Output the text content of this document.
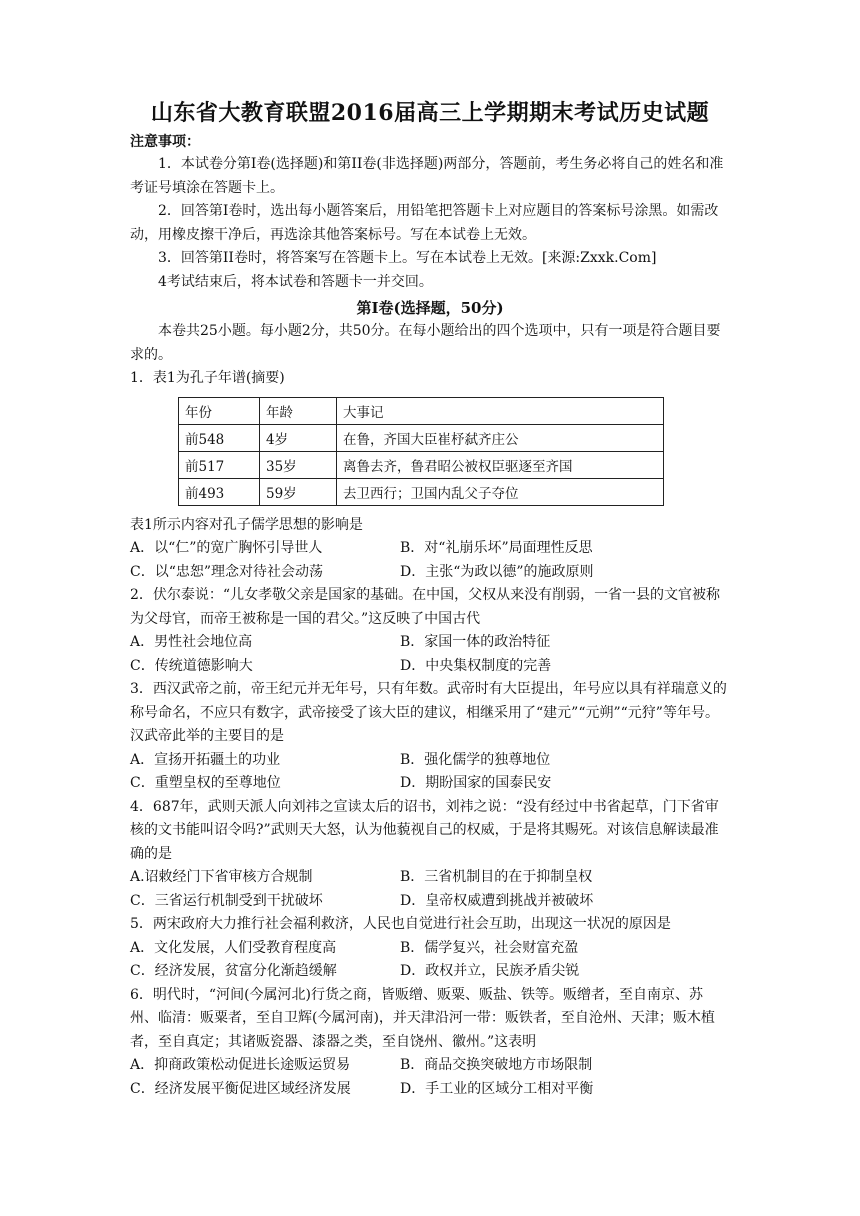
山东省大教育联盟2016届高三上学期期末考试历史试题
注意事项：

1．本试卷分第I卷(选择题)和第II卷(非选择题)两部分，答题前，考生务必将自己的姓名和准考证号填涂在答题卡上。

2．回答第I卷时，选出每小题答案后，用铅笔把答题卡上对应题目的答案标号涂黑。如需改动，用橡皮擦干净后，再选涂其他答案标号。写在本试卷上无效。

3．回答第II卷时，将答案写在答题卡上。写在本试卷上无效。[来源:Zxxk.Com]

4考试结束后，将本试卷和答题卡一并交回。

第Ⅰ卷(选择题，50分)

本卷共25小题。每小题2分，共50分。在每小题给出的四个选项中，只有一项是符合题目要求的。

1．表1为孔子年谱(摘要)

年份	年龄	大事记
前548	4岁	在鲁，齐国大臣崔杼弑齐庄公
前517	35岁	离鲁去齐，鲁君昭公被权臣驱逐至齐国
前493	59岁	去卫西行；卫国内乱父子夺位

表1所示内容对孔子儒学思想的影响是

A．以“仁”的宽广胸怀引导世人	B．对“礼崩乐坏”局面理性反思
C．以“忠恕”理念对待社会动荡	D．主张“为政以德”的施政原则

2．伏尔泰说：“儿女孝敬父亲是国家的基础。在中国，父权从来没有削弱，一省一县的文官被称为父母官，而帝王被称是一国的君父。”这反映了中国古代

A．男性社会地位高	B．家国一体的政治特征
C．传统道德影响大	D．中央集权制度的完善

3．西汉武帝之前，帝王纪元并无年号，只有年数。武帝时有大臣提出，年号应以具有祥瑞意义的称号命名，不应只有数字，武帝接受了该大臣的建议，相继采用了“建元”“元朔”“元狩”等年号。汉武帝此举的主要目的是

A．宣扬开拓疆土的功业	B．强化儒学的独尊地位
C．重塑皇权的至尊地位	D．期盼国家的国泰民安

4．687年，武则天派人向刘祎之宣读太后的诏书，刘祎之说：“没有经过中书省起草，门下省审核的文书能叫诏令吗?”武则天大怒，认为他藐视自己的权威，于是将其赐死。对该信息解读最准确的是

A.诏敕经门下省审核方合规制	B．三省机制目的在于抑制皇权
C．三省运行机制受到干扰破坏	D．皇帝权威遭到挑战并被破坏

5．两宋政府大力推行社会福利救济，人民也自觉进行社会互助，出现这一状况的原因是

A．文化发展，人们受教育程度高	B．儒学复兴，社会财富充盈
C．经济发展，贫富分化渐趋缓解	D．政权并立，民族矛盾尖锐

6．明代时，“河间(今属河北)行货之商，皆贩缯、贩粟、贩盐、铁等。贩缯者，至自南京、苏州、临清：贩粟者，至自卫辉(今属河南)，并天津沿河一带：贩铁者，至自沧州、天津；贩木植者，至自真定；其诸贩瓷器、漆器之类，至自饶州、徽州。”这表明

A．抑商政策松动促进长途贩运贸易	B．商品交换突破地方市场限制
C．经济发展平衡促进区域经济发展	D．手工业的区域分工相对平衡
